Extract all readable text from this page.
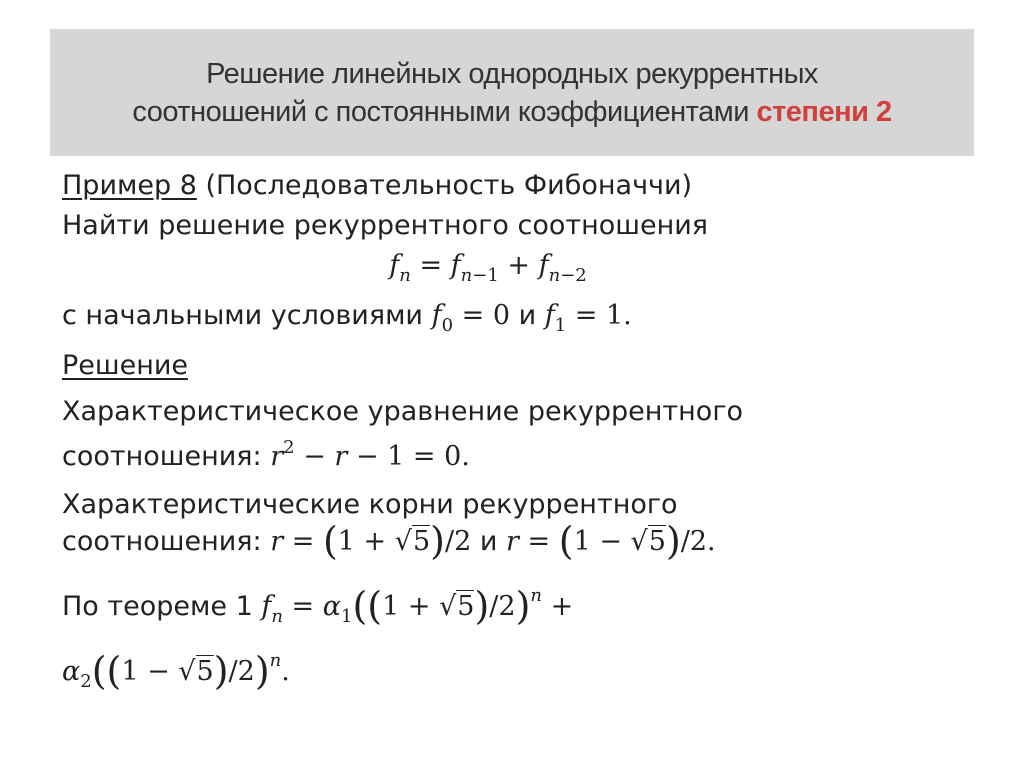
Решение линейных однородных рекуррентных
соотношений с постоянными коэффициентами степени 2
Пример 8 (Последовательность Фибоначчи)
Найти решение рекуррентного соотношения
$f_n = f_{n-1} + f_{n-2}$
с начальными условиями $f_0 = 0$ и $f_1 = 1$.
Решение
Характеристическое уравнение рекуррентного
соотношения: $r^2 - r - 1 = 0$.
Характеристические корни рекуррентного
соотношения: r = (1 + √5)/2 и r = (1 − √5)/2.
По теореме 1 $f_n = \alpha_1((1 + √5)/2)^n$ +
$\alpha_2((1 - √5)/2)^n$.
